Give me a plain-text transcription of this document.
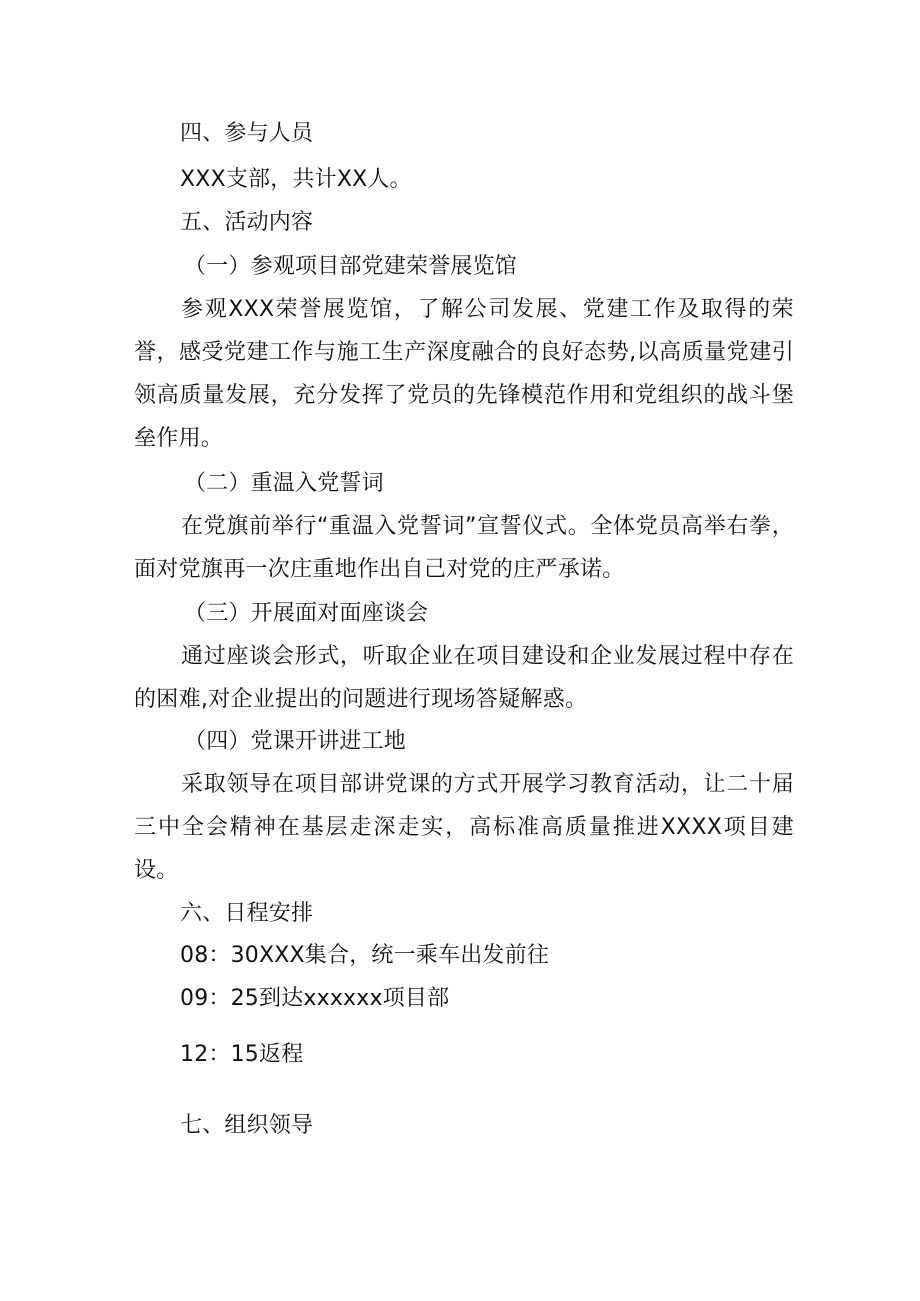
四、参与人员
XXX支部，共计XX人。
五、活动内容
（一）参观项目部党建荣誉展览馆
参观XXX荣誉展览馆，了解公司发展、党建工作及取得的荣誉，感受党建工作与施工生产深度融合的良好态势,以高质量党建引领高质量发展，充分发挥了党员的先锋模范作用和党组织的战斗堡垒作用。
（二）重温入党誓词
在党旗前举行“重温入党誓词”宣誓仪式。全体党员高举右拳，面对党旗再一次庄重地作出自己对党的庄严承诺。
（三）开展面对面座谈会
通过座谈会形式，听取企业在项目建设和企业发展过程中存在的困难,对企业提出的问题进行现场答疑解惑。
（四）党课开讲进工地
采取领导在项目部讲党课的方式开展学习教育活动，让二十届三中全会精神在基层走深走实，高标准高质量推进XXXX项目建设。
六、日程安排
08：30XXX集合，统一乘车出发前往
09：25到达xxxxxx项目部
12：15返程
七、组织领导
